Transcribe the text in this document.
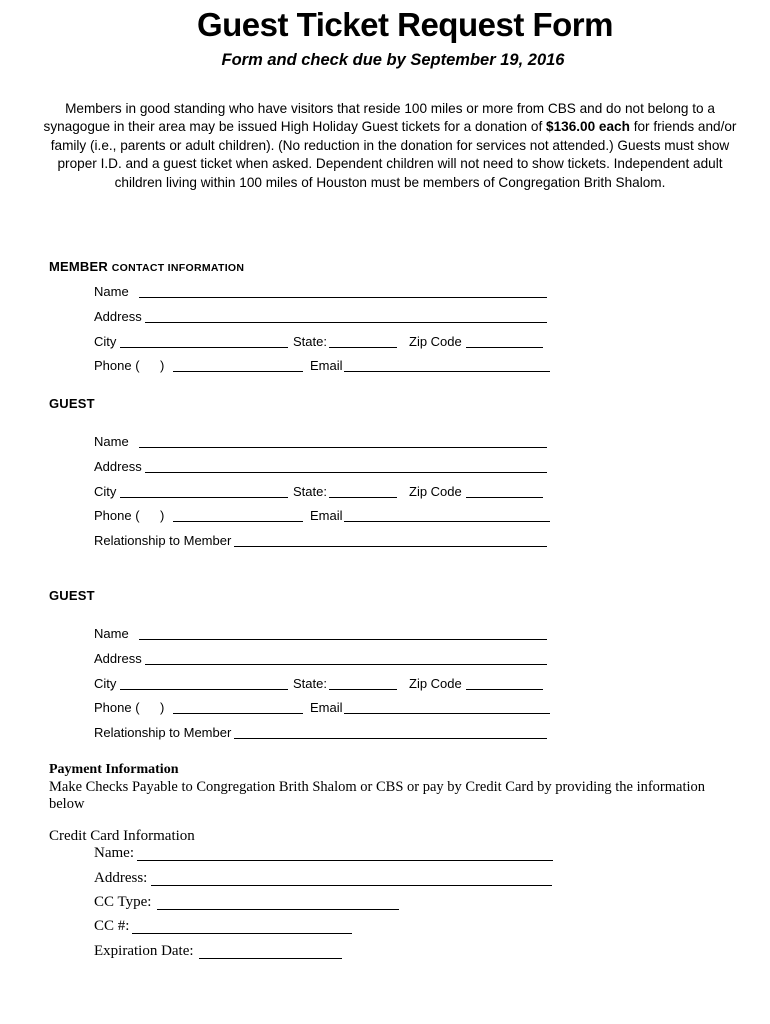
Guest Ticket Request Form
Form and check due by September 19, 2016
Members in good standing who have visitors that reside 100 miles or more from CBS and do not belong to a synagogue in their area may be issued High Holiday Guest tickets for a donation of $136.00 each for friends and/or family (i.e., parents or adult children). (No reduction in the donation for services not attended.) Guests must show proper I.D. and a guest ticket when asked. Dependent children will not need to show tickets. Independent adult children living within 100 miles of Houston must be members of Congregation Brith Shalom.
MEMBER CONTACT INFORMATION
Name
Address
City	State:	Zip Code
Phone ( )	Email
GUEST
Name
Address
City	State:	Zip Code
Phone ( )	Email
Relationship to Member
GUEST
Name
Address
City	State:	Zip Code
Phone ( )	Email
Relationship to Member
Payment Information
Make Checks Payable to Congregation Brith Shalom or CBS or pay by Credit Card by providing the information below
Credit Card Information
Name:
Address:
CC Type:
CC #:
Expiration Date:
